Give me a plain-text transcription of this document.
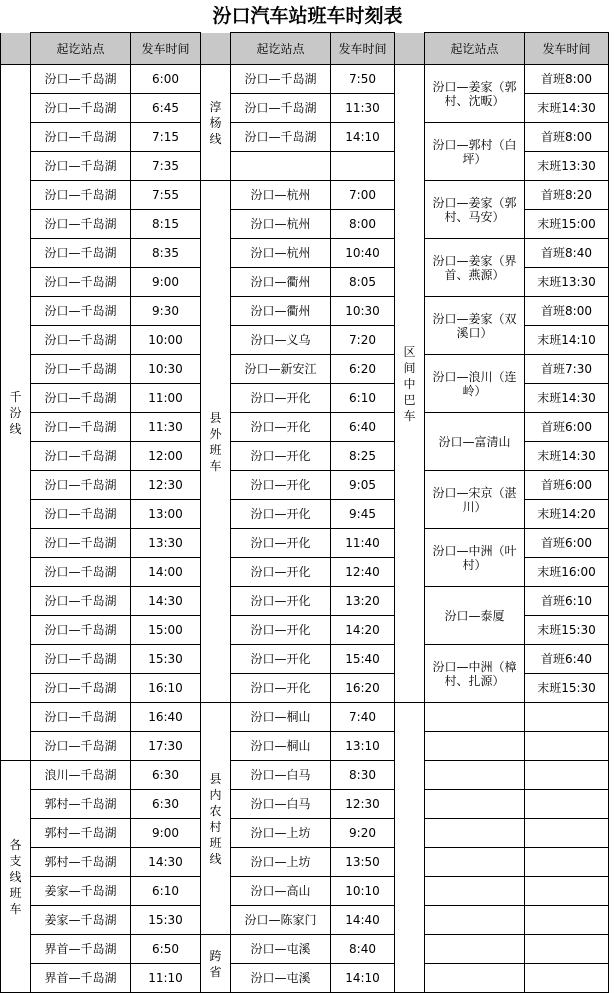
汾口汽车站班车时刻表
	起讫站点	发车时间		起讫站点	发车时间		起讫站点	发车时间

千汾线	汾口—千岛湖	6:00	淳杨线	汾口—千岛湖	7:50	区间中巴车	汾口—姜家（郭村、沈畈）	首班8:00
	汾口—千岛湖	6:45		汾口—千岛湖	11:30			末班14:30
	汾口—千岛湖	7:15		汾口—千岛湖	14:10		汾口—郭村（白坪）	首班8:00
	汾口—千岛湖	7:35						末班13:30
	汾口—千岛湖	7:55	县外班车	汾口—杭州	7:00		汾口—姜家（郭村、马安）	首班8:20
	汾口—千岛湖	8:15		汾口—杭州	8:00			末班15:00
	汾口—千岛湖	8:35		汾口—杭州	10:40		汾口—姜家（界首、燕源）	首班8:40
	汾口—千岛湖	9:00		汾口—衢州	8:05			末班13:30
	汾口—千岛湖	9:30		汾口—衢州	10:30		汾口—姜家（双溪口）	首班8:00
	汾口—千岛湖	10:00		汾口—义乌	7:20			末班14:10
	汾口—千岛湖	10:30		汾口—新安江	6:20		汾口—浪川（连岭）	首班7:30
	汾口—千岛湖	11:00		汾口—开化	6:10			末班14:30
	汾口—千岛湖	11:30		汾口—开化	6:40		汾口—富清山	首班6:00
	汾口—千岛湖	12:00		汾口—开化	8:25			末班14:30
	汾口—千岛湖	12:30		汾口—开化	9:05		汾口—宋京（湛川）	首班6:00
	汾口—千岛湖	13:00		汾口—开化	9:45			末班14:20
	汾口—千岛湖	13:30		汾口—开化	11:40		汾口—中洲（叶村）	首班6:00
	汾口—千岛湖	14:00		汾口—开化	12:40			末班16:00
	汾口—千岛湖	14:30		汾口—开化	13:20		汾口—泰厦	首班6:10
	汾口—千岛湖	15:00		汾口—开化	14:20			末班15:30
	汾口—千岛湖	15:30		汾口—开化	15:40		汾口—中洲（樟村、扎源）	首班6:40
	汾口—千岛湖	16:10		汾口—开化	16:20			末班15:30
	汾口—千岛湖	16:40	县内农村班线	汾口—桐山	7:40			
	汾口—千岛湖	17:30		汾口—桐山	13:10			

各支线班车	浪川—千岛湖	6:30		汾口—白马	8:30			
	郭村—千岛湖	6:30		汾口—白马	12:30			
	郭村—千岛湖	9:00		汾口—上坊	9:20			
	郭村—千岛湖	14:30		汾口—上坊	13:50			
	姜家—千岛湖	6:10		汾口—高山	10:10			
	姜家—千岛湖	15:30		汾口—陈家门	14:40			
	界首—千岛湖	6:50	跨省	汾口—屯溪	8:40			
	界首—千岛湖	11:10		汾口—屯溪	14:10			
